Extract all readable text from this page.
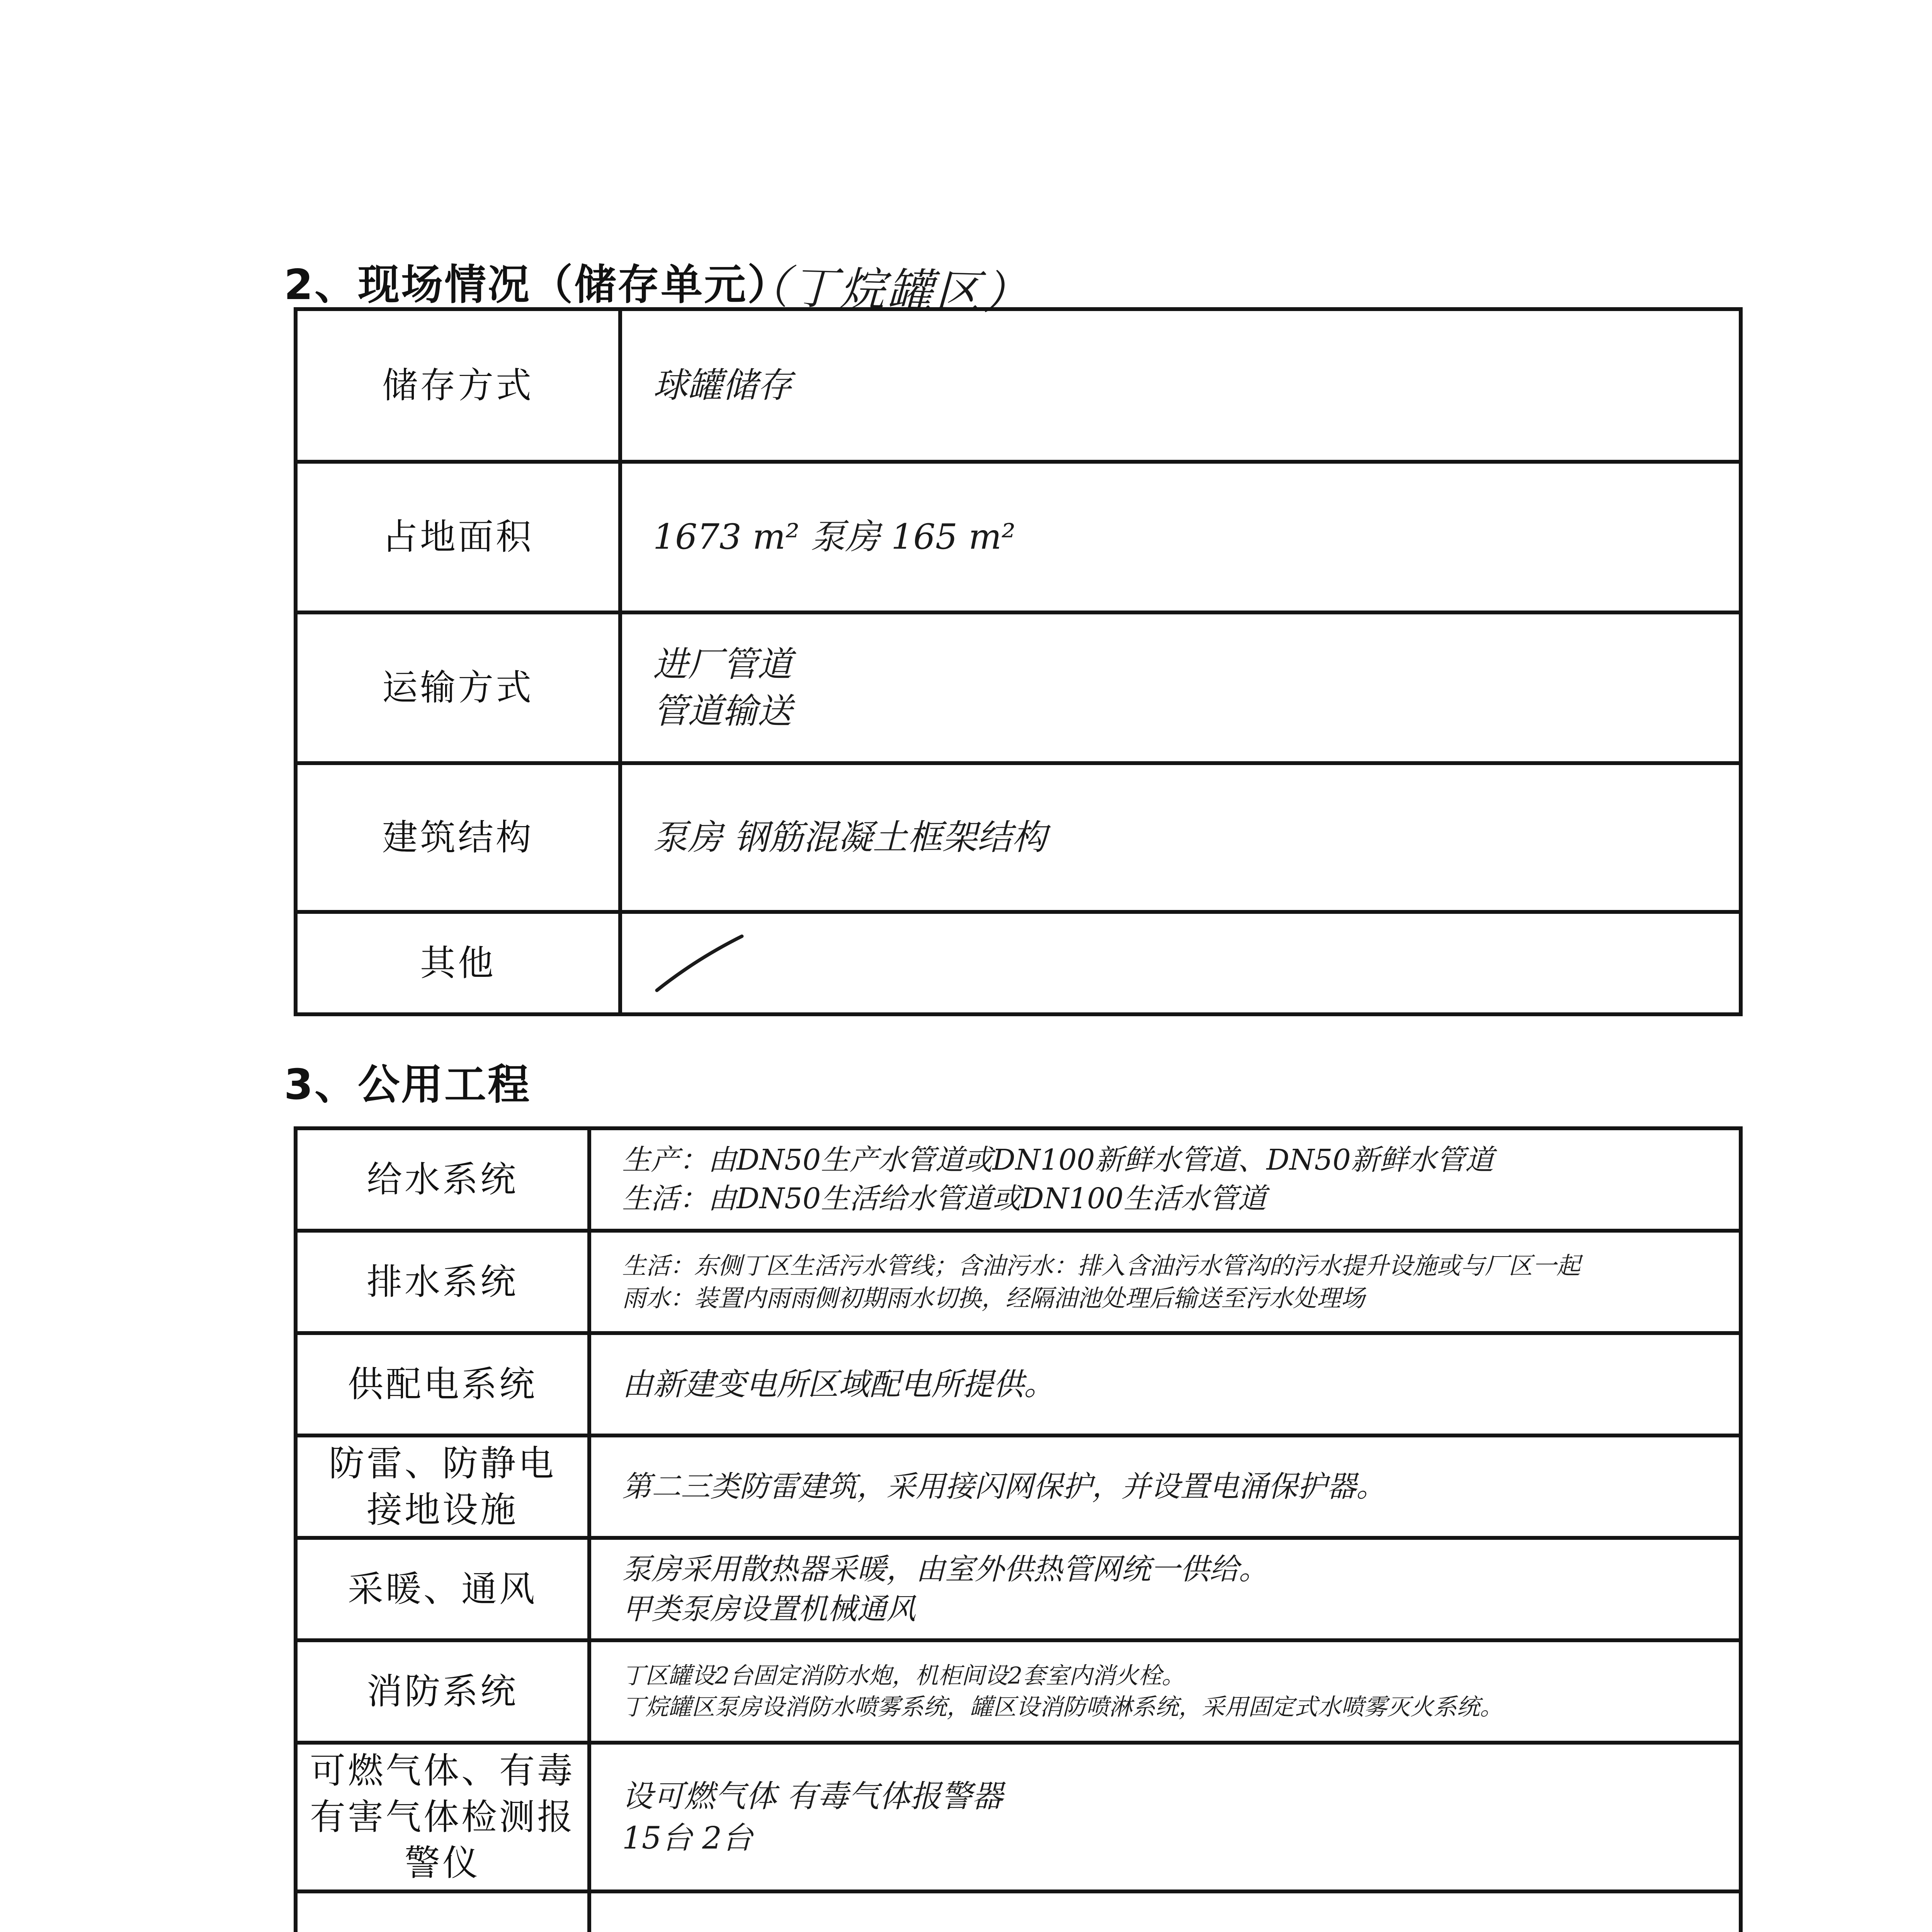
2、现场情况（储存单元）
（丁烷罐区）
储存方式	球罐储存

占地面积	1673 m² 泵房 165 m²

运输方式	进厂管道
管道输送

建筑结构	泵房 钢筋混凝土框架结构

其他	
3、公用工程
给水系统	生产：由DN50生产水管道或DN100新鲜水管道、DN50新鲜水管道
生活：由DN50生活给水管道或DN100生活水管道

排水系统	生活：东侧丁区生活污水管线；含油污水：排入含油污水管沟的污水提升设施或与厂区一起
雨水：装置内雨雨侧初期雨水切换，经隔油池处理后输送至污水处理场

供配电系统	由新建变电所区域配电所提供。

防雷、防静电
接地设施	第二三类防雷建筑，采用接闪网保护，并设置电涌保护器。

采暖、通风	泵房采用散热器采暖，由室外供热管网统一供给。
甲类泵房设置机械通风

消防系统	丁区罐设2台固定消防水炮，机柜间设2套室内消火栓。
丁烷罐区泵房设消防水喷雾系统，罐区设消防喷淋系统，采用固定式水喷雾灭火系统。

可燃气体、有毒
有害气体检测报
警仪	设可燃气体 有毒气体报警器
15台 2台
